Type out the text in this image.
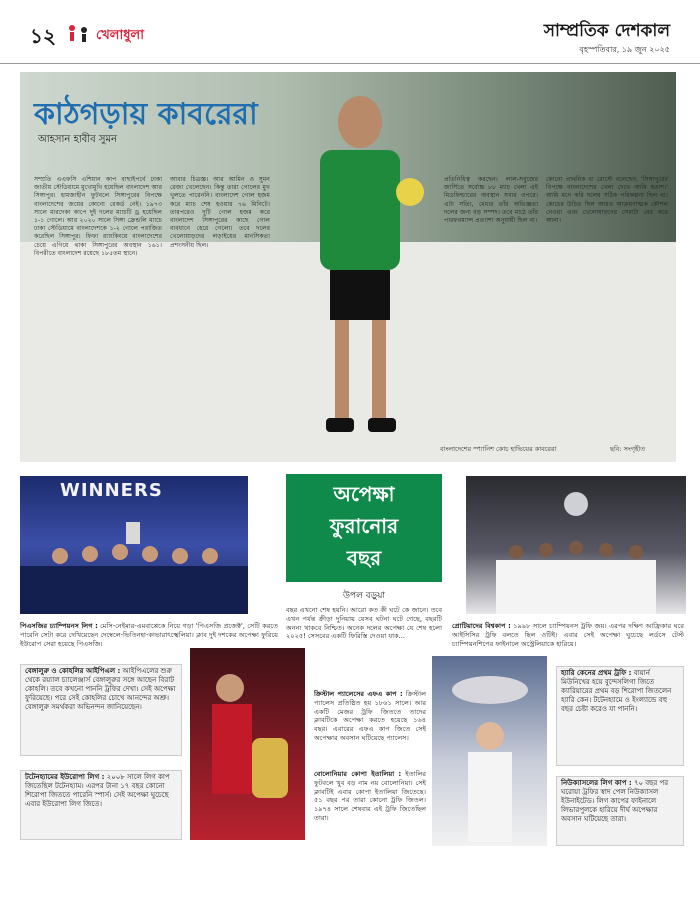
১২	খেলাধুলা	সাম্প্রতিক দেশকাল
বৃহস্পতিবার, ১৯ জুন ২০২৫
কাঠগড়ায় কাবরেরা
আহসান হাবীব সুমন
সম্প্রতি এএফসি এশিয়ান কাপ বাছাইপর্বে ঢাকা জাতীয় স্টেডিয়ামে মুখোমুখি হয়েছিল বাংলাদেশ আর সিঙ্গাপুর। হামজাহীন ফুটবলে সিঙ্গাপুরের বিপক্ষে বাংলাদেশের জয়ের কোনো রেকর্ড নেই। ১৯৭৩ সালে মারদেকা কাপে দুই দলের ম্যাচটি ড্র হয়েছিল ১-১ গোলে। আর ২০২০ সালে সিঙ্গা ফ্রেন্ডলি ম্যাচে ঢাকা স্টেডিয়ামে বাংলাদেশকে ১-২ গোলে পরাজিত করেছিল সিঙ্গাপুর। ফিফা র‍্যাংকিংয়ে বাংলাদেশের চেয়ে এগিয়ে থাকা সিঙ্গাপুরের অবস্থান ১৬১। বিপরীতে বাংলাদেশ রয়েছে ১৮৫তম স্থানে।
আবার চিত্রজ্ঞ। আর আমিন ও সুমন রেজা খেলেছেন। কিন্তু তারা গোলের মুখ খুলতে পারেননি। বাংলাদেশ গোল হজম করে ম্যাচ শেষ হওয়ার ৭৬ মিনিটে। তারপরেও দুটি গোল হজম করে বাংলাদেশ সিঙ্গাপুরের কাছে গোল ব্যবধানে হেরে গেলো। তবে দলের খেলোয়াড়দের লড়াইয়ের মানসিকতা প্রশংসনীয় ছিল।
প্রতিনিধিত্ব করছেন। লাল-সবুজের জার্সিতে সর্বোচ্চ ৮৮ ম্যাচ খেলা এই মিডফিল্ডারের অবস্থান সবার ওপরে। এটা সত্যি, মেধার তাঁর অভিজ্ঞতা দলের জন্য বড় সম্পদ। তবে মাঠে তাঁর পারফরম্যান্স প্রত্যাশা অনুযায়ী ছিল না।
কোনো প্রাথমিক বা রোস্টে বলেছেন, 'সিঙ্গাপুরের বিপক্ষে বাংলাদেশের খেলা দেখে আমি হতাশ।' আমি মনে করি দলের সঠিক পরিকল্পনা ছিল না। কোচের উচিত ছিল আরও আক্রমণাত্মক কৌশল নেওয়া এবং খেলোয়াড়দের সেরাটা বের করে আনা।
বাংলাদেশের স্প্যানিশ কোচ হাভিয়ের কাবরেরা	ছবি: সংগৃহীত
WINNERS	অপেক্ষা
ফুরানোর
বছর
উপল বড়ুয়া
বছর এখনো শেষ হয়নি। আরো কত কী ঘটে কে জানে। তবে এখন পর্যন্ত ক্রীড়া দুনিয়ায় যেসব ঘটনা ঘটে গেছে, বছরটি অনন্য থাকবে নিশ্চিত। অনেক দলের অপেক্ষা যে শেষ হলো ২০২৫! সেসবের একটি ফিরিস্তি দেওয়া যাক...
পিএসজির চ্যাম্পিয়নস লিগ : মেসি-নেইমার-এমবাপ্পেকে নিয়ে গড়া 'পিএসজি প্রজেক্ট', সেটি করতে পারেনি সেটা করে দেখিয়েছেন দেম্বেলে-ভিতিনহা-কাভারাৎস্খেলিয়া। ক্লাব দুই দশকের অপেক্ষা ফুরিয়ে ইউরোপ সেরা হয়েছে পিএসজি।
বেঙ্গালুরু ও কোহলির আইপিএল : আইপিএলের শুরু থেকে রয়্যাল চ্যালেঞ্জার্স বেঙ্গালুরুর সঙ্গে আছেন বিরাট কোহলি। তবে কখনো পাননি ট্রফির দেখা। সেই অপেক্ষা ফুরিয়েছে। পরে সেই কোহলির চোখে আনন্দের অশ্রু। বেঙ্গালুরু সমর্থকরা অভিনন্দন জানিয়েছেন।
টটেনহ্যামের ইউরোপা লিগ : ২০০৮ সালে লিগ কাপ জিতেছিল টটেনহ্যাম। এরপর টানা ১৭ বছর কোনো শিরোপা জিততে পারেনি স্পার্স। সেই অপেক্ষা ঘুচেছে এবার ইউরোপা লিগ জিতে।
ক্রিস্টাল প্যালেসের এফএ কাপ : ক্রিস্টাল প্যালেস প্রতিষ্ঠিত হয় ১৮৬১ সালে। আর একটি মেজর ট্রফি জিততে তাদের ক্লাবটিকে অপেক্ষা করতে হয়েছে ১৬৪ বছর। এবারের এফএ কাপ জিতে সেই অপেক্ষার অবসান ঘটিয়েছে প্যালেস।
বোলোনিয়ার কোপা ইতালিয়া : ইতালির ফুটবলে খুব বড় নাম নয় বোলোনিয়া। সেই ক্লাবটিই এবার কোপা ইতালিয়া জিতেছে। ৫১ বছর পর তারা কোনো ট্রফি জিতল। ১৯৭৪ সালে শেষবার এই ট্রফি জিতেছিল তারা।
প্রোটিয়াদের বিশ্বকাপ : ১৯৯৮ সালে চ্যাম্পিয়নস ট্রফি জয়। এরপর দক্ষিণ আফ্রিকার ঘরে আইসিসির ট্রফি বলতে ছিল ওটিই। এবার সেই অপেক্ষা ঘুচেছে লর্ডসে টেস্ট চ্যাম্পিয়নশিপের ফাইনালে অস্ট্রেলিয়াকে হারিয়ে।
হ্যারি কেনের প্রথম ট্রফি : বায়ার্ন মিউনিখের হয়ে বুন্দেসলিগা জিতে ক্যারিয়ারের প্রথম বড় শিরোপা জিতলেন হ্যারি কেন। টটেনহ্যামে ও ইংল্যান্ডে বহু বছর চেষ্টা করেও যা পাননি।
নিউক্যাসলের লিগ কাপ : ৭০ বছর পর ঘরোয়া ট্রফির স্বাদ পেল নিউক্যাসল ইউনাইটেড। লিগ কাপের ফাইনালে লিভারপুলকে হারিয়ে দীর্ঘ অপেক্ষার অবসান ঘটিয়েছে তারা।
